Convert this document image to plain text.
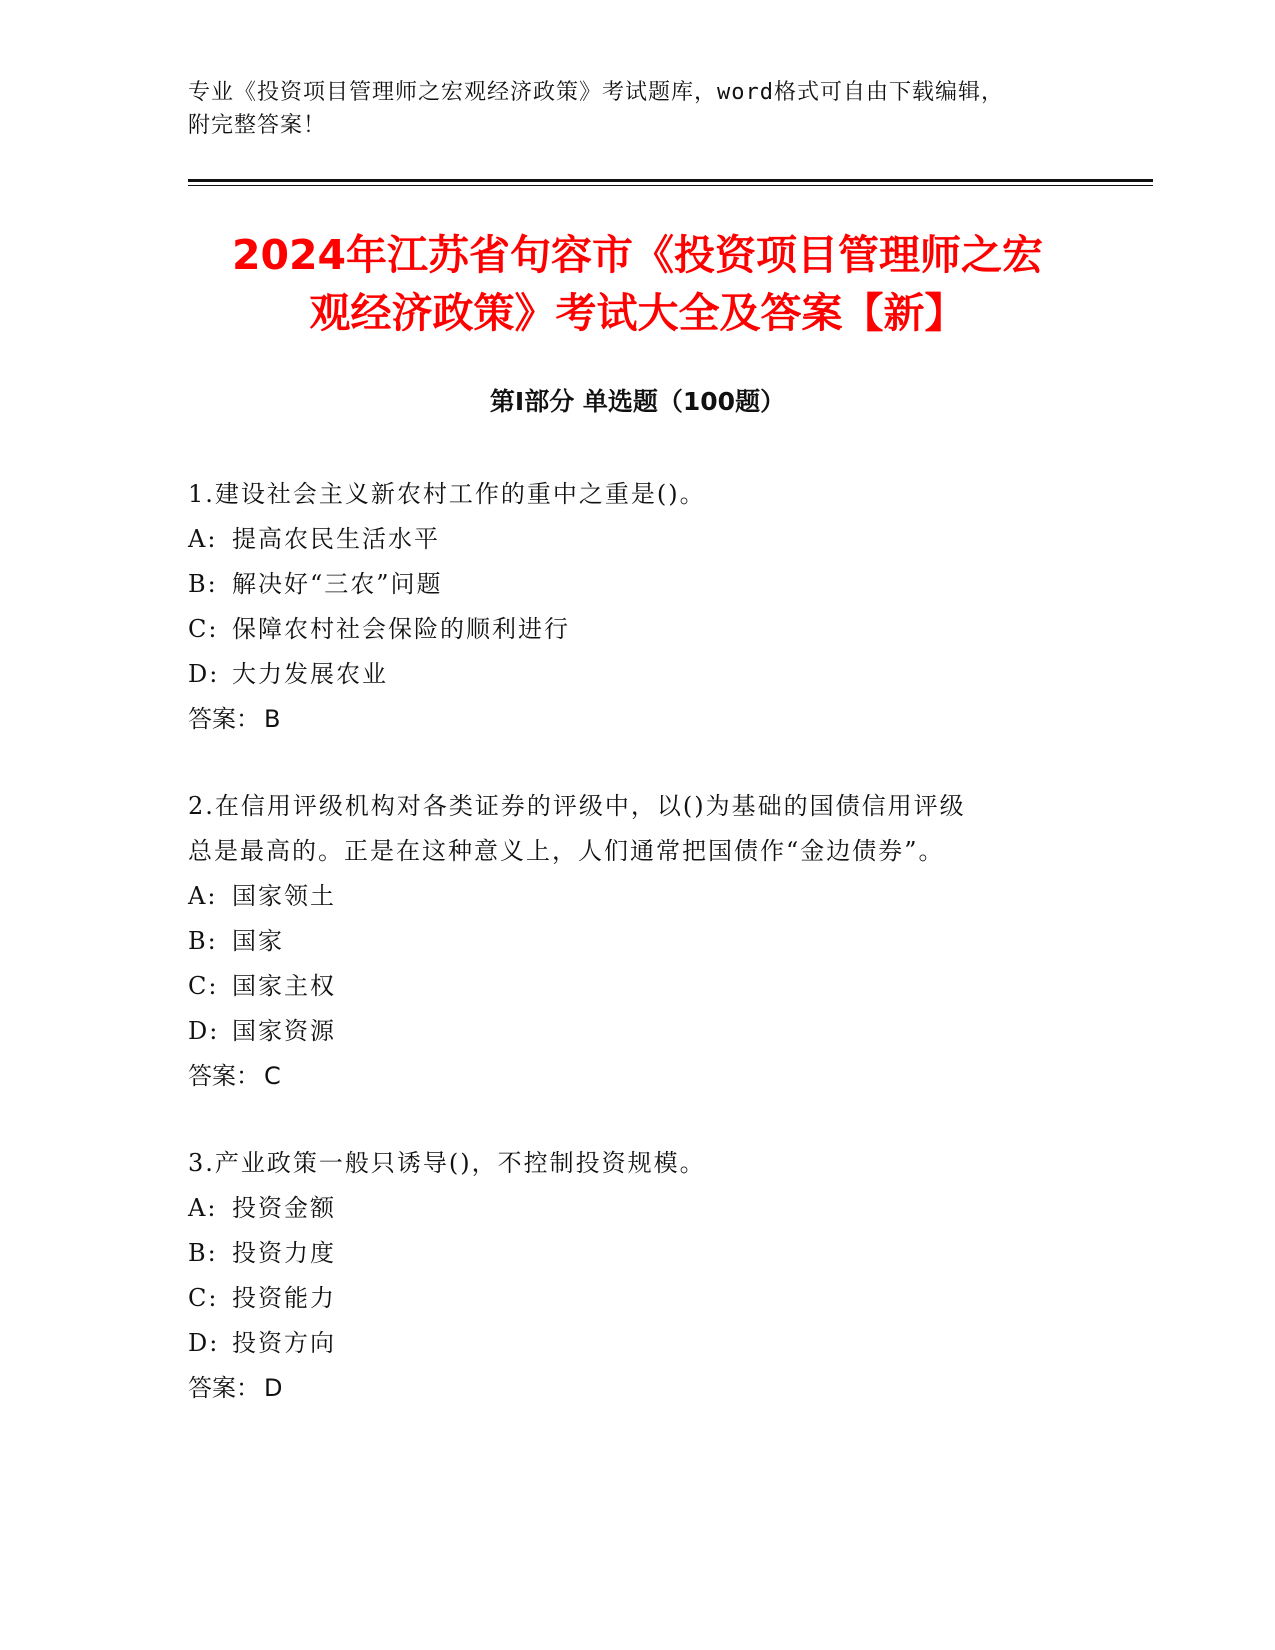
专业《投资项目管理师之宏观经济政策》考试题库，word格式可自由下载编辑，
附完整答案！
2024年江苏省句容市《投资项目管理师之宏
观经济政策》考试大全及答案【新】
第Ⅰ部分 单选题（100题）
1.建设社会主义新农村工作的重中之重是()。
A: 提高农民生活水平
B: 解决好“三农”问题
C: 保障农村社会保险的顺利进行
D: 大力发展农业
答案： B
2.在信用评级机构对各类证券的评级中，以()为基础的国债信用评级
总是最高的。正是在这种意义上，人们通常把国债作“金边债券”。
A: 国家领土
B: 国家
C: 国家主权
D: 国家资源
答案： C
3.产业政策一般只诱导()，不控制投资规模。
A: 投资金额
B: 投资力度
C: 投资能力
D: 投资方向
答案： D
